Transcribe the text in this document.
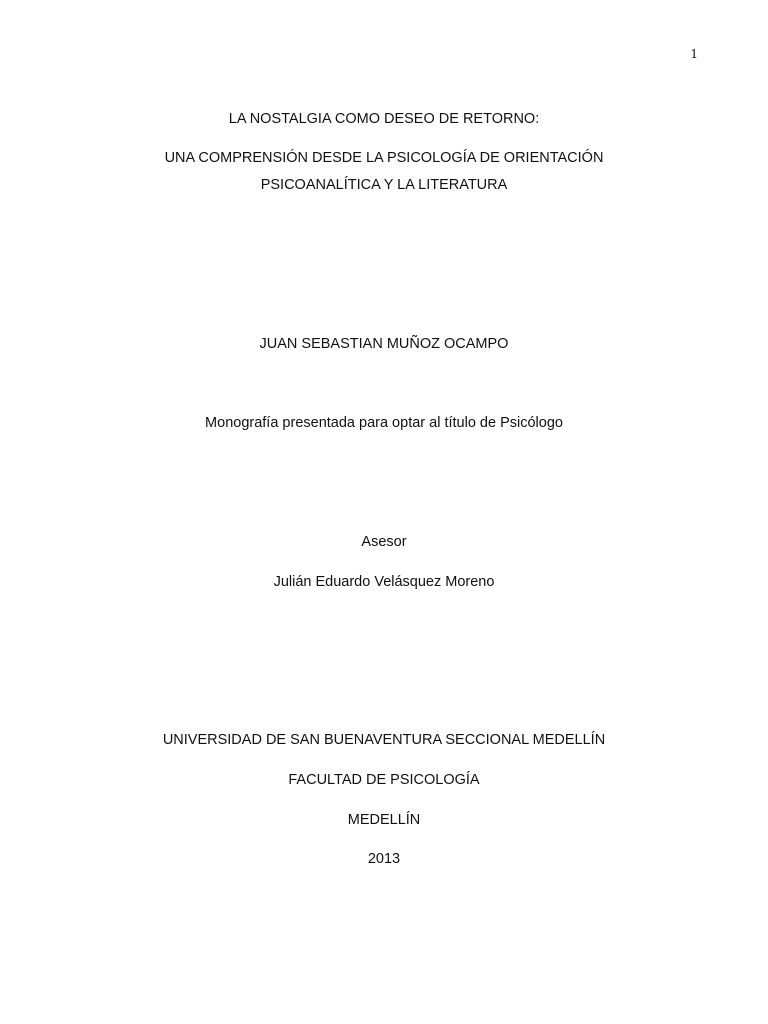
1
LA NOSTALGIA COMO DESEO DE RETORNO:
UNA COMPRENSIÓN DESDE LA PSICOLOGÍA DE ORIENTACIÓN
PSICOANALÍTICA Y LA LITERATURA
JUAN SEBASTIAN MUÑOZ OCAMPO
Monografía presentada para optar al título de Psicólogo
Asesor
Julián Eduardo Velásquez Moreno
UNIVERSIDAD DE SAN BUENAVENTURA SECCIONAL MEDELLÍN
FACULTAD DE PSICOLOGÍA
MEDELLÍN
2013
